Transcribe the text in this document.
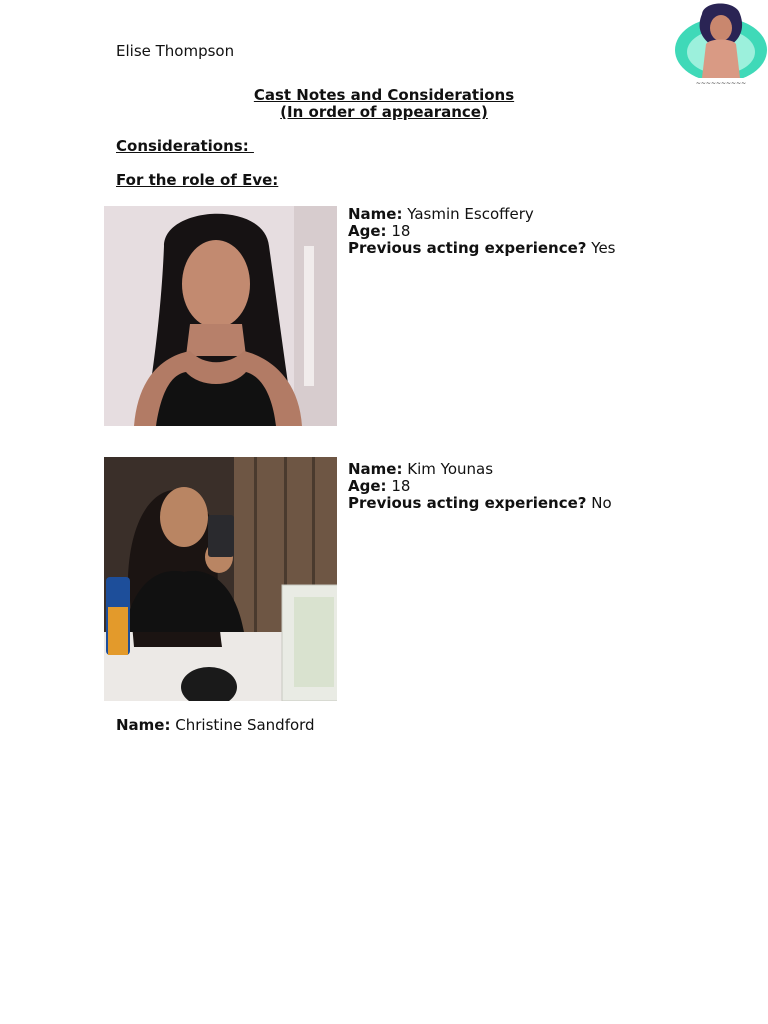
Elise Thompson
~~~~~~~~~~
Cast Notes and Considerations
(In order of appearance)
Considerations:
For the role of Eve:
Name: Yasmin Escoffery
Age: 18
Previous acting experience? Yes
Name: Kim Younas
Age: 18
Previous acting experience? No
Name: Christine Sandford
